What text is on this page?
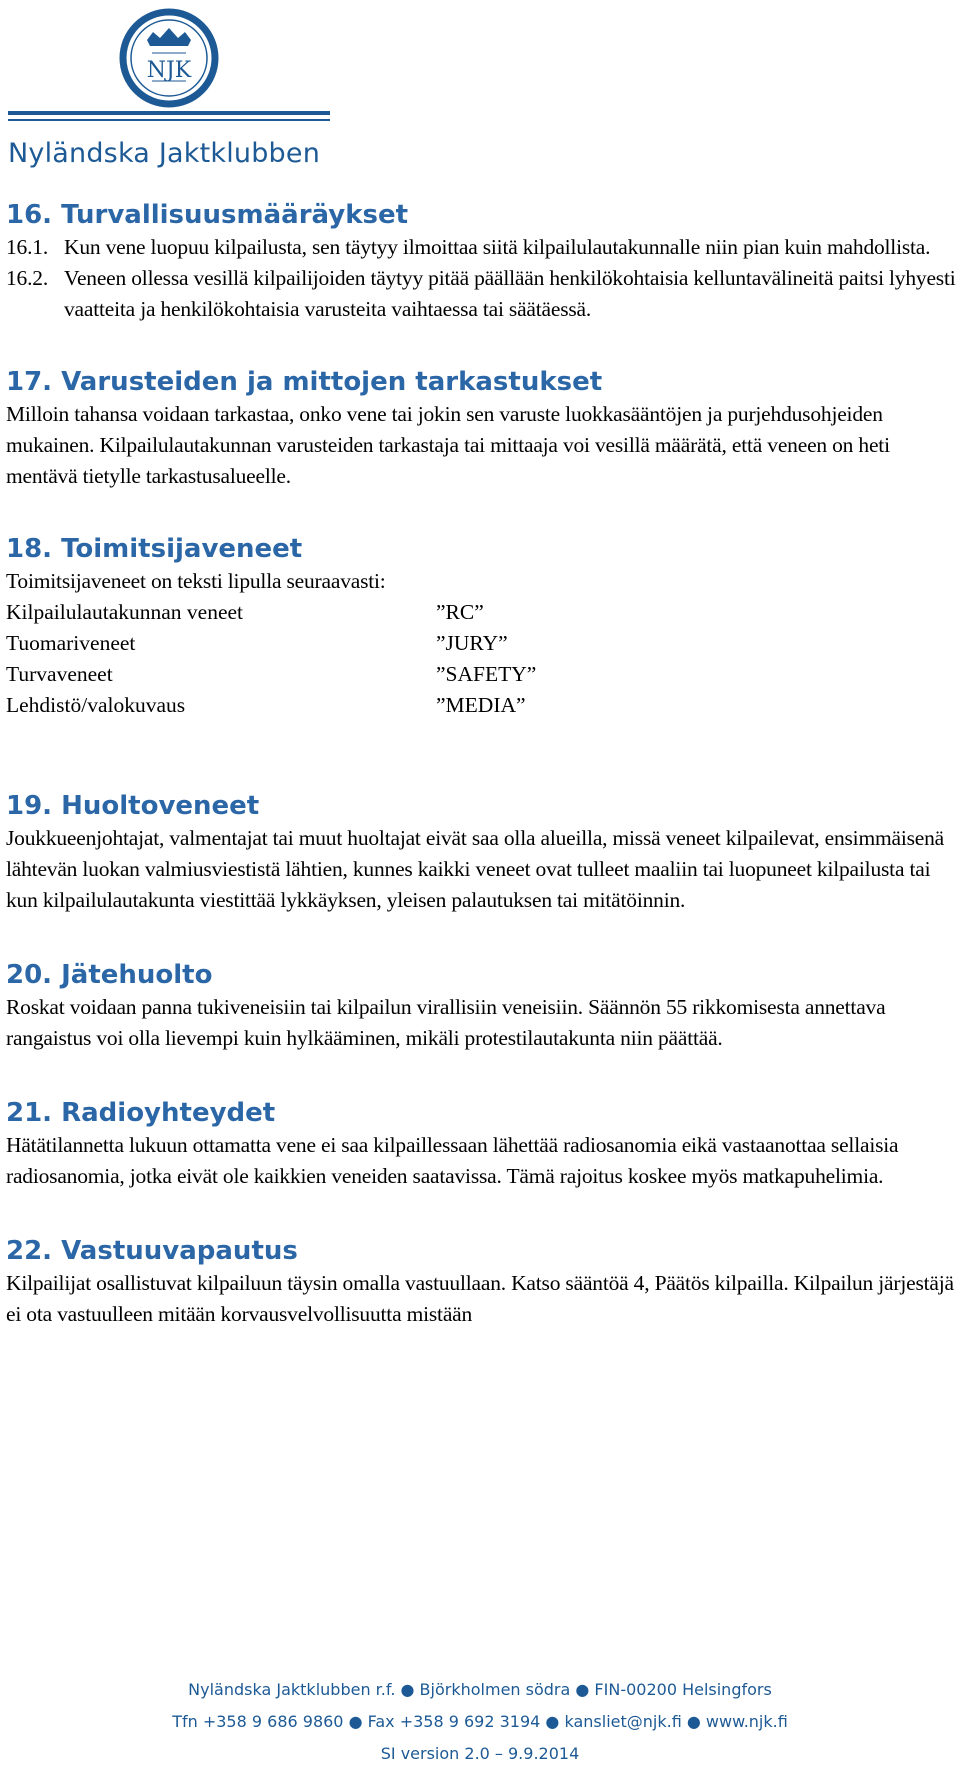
NJK
Nyländska Jaktklubben
16. Turvallisuusmääräykset
16.1. Kun vene luopuu kilpailusta, sen täytyy ilmoittaa siitä kilpailulautakunnalle niin pian kuin mahdollista.
16.2. Veneen ollessa vesillä kilpailijoiden täytyy pitää päällään henkilökohtaisia kelluntavälineitä paitsi lyhyesti vaatteita ja henkilökohtaisia varusteita vaihtaessa tai säätäessä.
17. Varusteiden ja mittojen tarkastukset

Milloin tahansa voidaan tarkastaa, onko vene tai jokin sen varuste luokkasääntöjen ja purjehdusohjeiden mukainen. Kilpailulautakunnan varusteiden tarkastaja tai mittaaja voi vesillä määrätä, että veneen on heti mentävä tietylle tarkastusalueelle.

18. Toimitsijaveneet

Toimitsijaveneet on teksti lipulla seuraavasti:

Kilpailulautakunnan veneet	”RC”
Tuomariveneet	”JURY”
Turvaveneet	”SAFETY”
Lehdistö/valokuvaus	”MEDIA”
19. Huoltoveneet

Joukkueenjohtajat, valmentajat tai muut huoltajat eivät saa olla alueilla, missä veneet kilpailevat, ensimmäisenä lähtevän luokan valmiusviestistä lähtien, kunnes kaikki veneet ovat tulleet maaliin tai luopuneet kilpailusta tai kun kilpailulautakunta viestittää lykkäyksen, yleisen palautuksen tai mitätöinnin.

20. Jätehuolto

Roskat voidaan panna tukiveneisiin tai kilpailun virallisiin veneisiin. Säännön 55 rikkomisesta annettava rangaistus voi olla lievempi kuin hylkääminen, mikäli protestilautakunta niin päättää.

21. Radioyhteydet

Hätätilannetta lukuun ottamatta vene ei saa kilpaillessaan lähettää radiosanomia eikä vastaanottaa sellaisia radiosanomia, jotka eivät ole kaikkien veneiden saatavissa. Tämä rajoitus koskee myös matkapuhelimia.

22. Vastuuvapautus

Kilpailijat osallistuvat kilpailuun täysin omalla vastuullaan. Katso sääntöä 4, Päätös kilpailla. Kilpailun järjestäjä ei ota vastuulleen mitään korvausvelvollisuutta mistään

Nyländska Jaktklubben r.f. ● Björkholmen södra ● FIN-00200 Helsingfors
Tfn +358 9 686 9860 ● Fax +358 9 692 3194 ● kansliet@njk.fi ● www.njk.fi
SI version 2.0 – 9.9.2014
